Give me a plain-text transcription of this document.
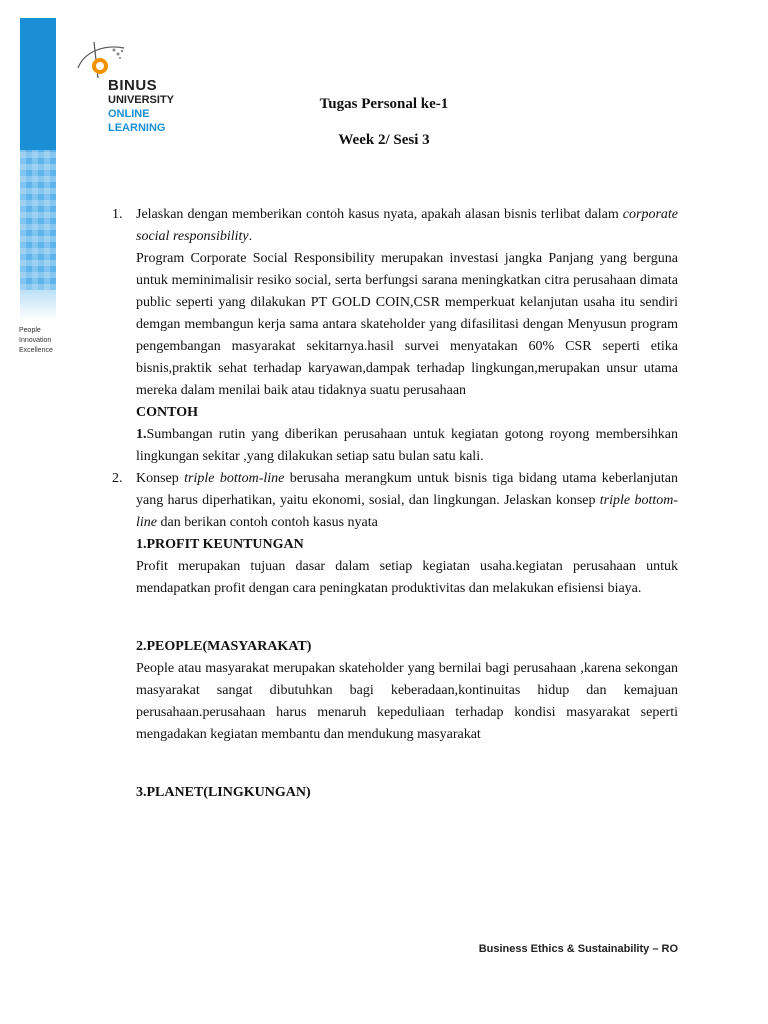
People
Innovation
Excellence
BINUS
UNIVERSITY
ONLINE
LEARNING
Tugas Personal ke-1
Week 2/ Sesi 3

1. Jelaskan dengan memberikan contoh kasus nyata, apakah alasan bisnis terlibat dalam corporate social responsibility.

Program Corporate Social Responsibility merupakan investasi jangka Panjang yang berguna untuk meminimalisir resiko social, serta berfungsi sarana meningkatkan citra perusahaan dimata public seperti yang dilakukan PT GOLD COIN,CSR memperkuat kelanjutan usaha itu sendiri demgan membangun kerja sama antara skateholder yang difasilitasi dengan Menyusun program pengembangan masyarakat sekitarnya.hasil survei menyatakan 60% CSR seperti etika bisnis,praktik sehat terhadap karyawan,dampak terhadap lingkungan,merupakan unsur utama mereka dalam menilai baik atau tidaknya suatu perusahaan

CONTOH

1.Sumbangan rutin yang diberikan perusahaan untuk kegiatan gotong royong membersihkan lingkungan sekitar ,yang dilakukan setiap satu bulan satu kali.

2. Konsep triple bottom-line berusaha merangkum untuk bisnis tiga bidang utama keberlanjutan yang harus diperhatikan, yaitu ekonomi, sosial, dan lingkungan. Jelaskan konsep triple bottom-line dan berikan contoh contoh kasus nyata

1.PROFIT KEUNTUNGAN

Profit merupakan tujuan dasar dalam setiap kegiatan usaha.kegiatan perusahaan untuk mendapatkan profit dengan cara peningkatan produktivitas dan melakukan efisiensi biaya.

2.PEOPLE(MASYARAKAT)

People atau masyarakat merupakan skateholder yang bernilai bagi perusahaan ,karena sekongan masyarakat sangat dibutuhkan bagi keberadaan,kontinuitas hidup dan kemajuan perusahaan.perusahaan harus menaruh kepeduliaan terhadap kondisi masyarakat seperti mengadakan kegiatan membantu dan mendukung masyarakat

3.PLANET(LINGKUNGAN)

Business Ethics & Sustainability – RO
